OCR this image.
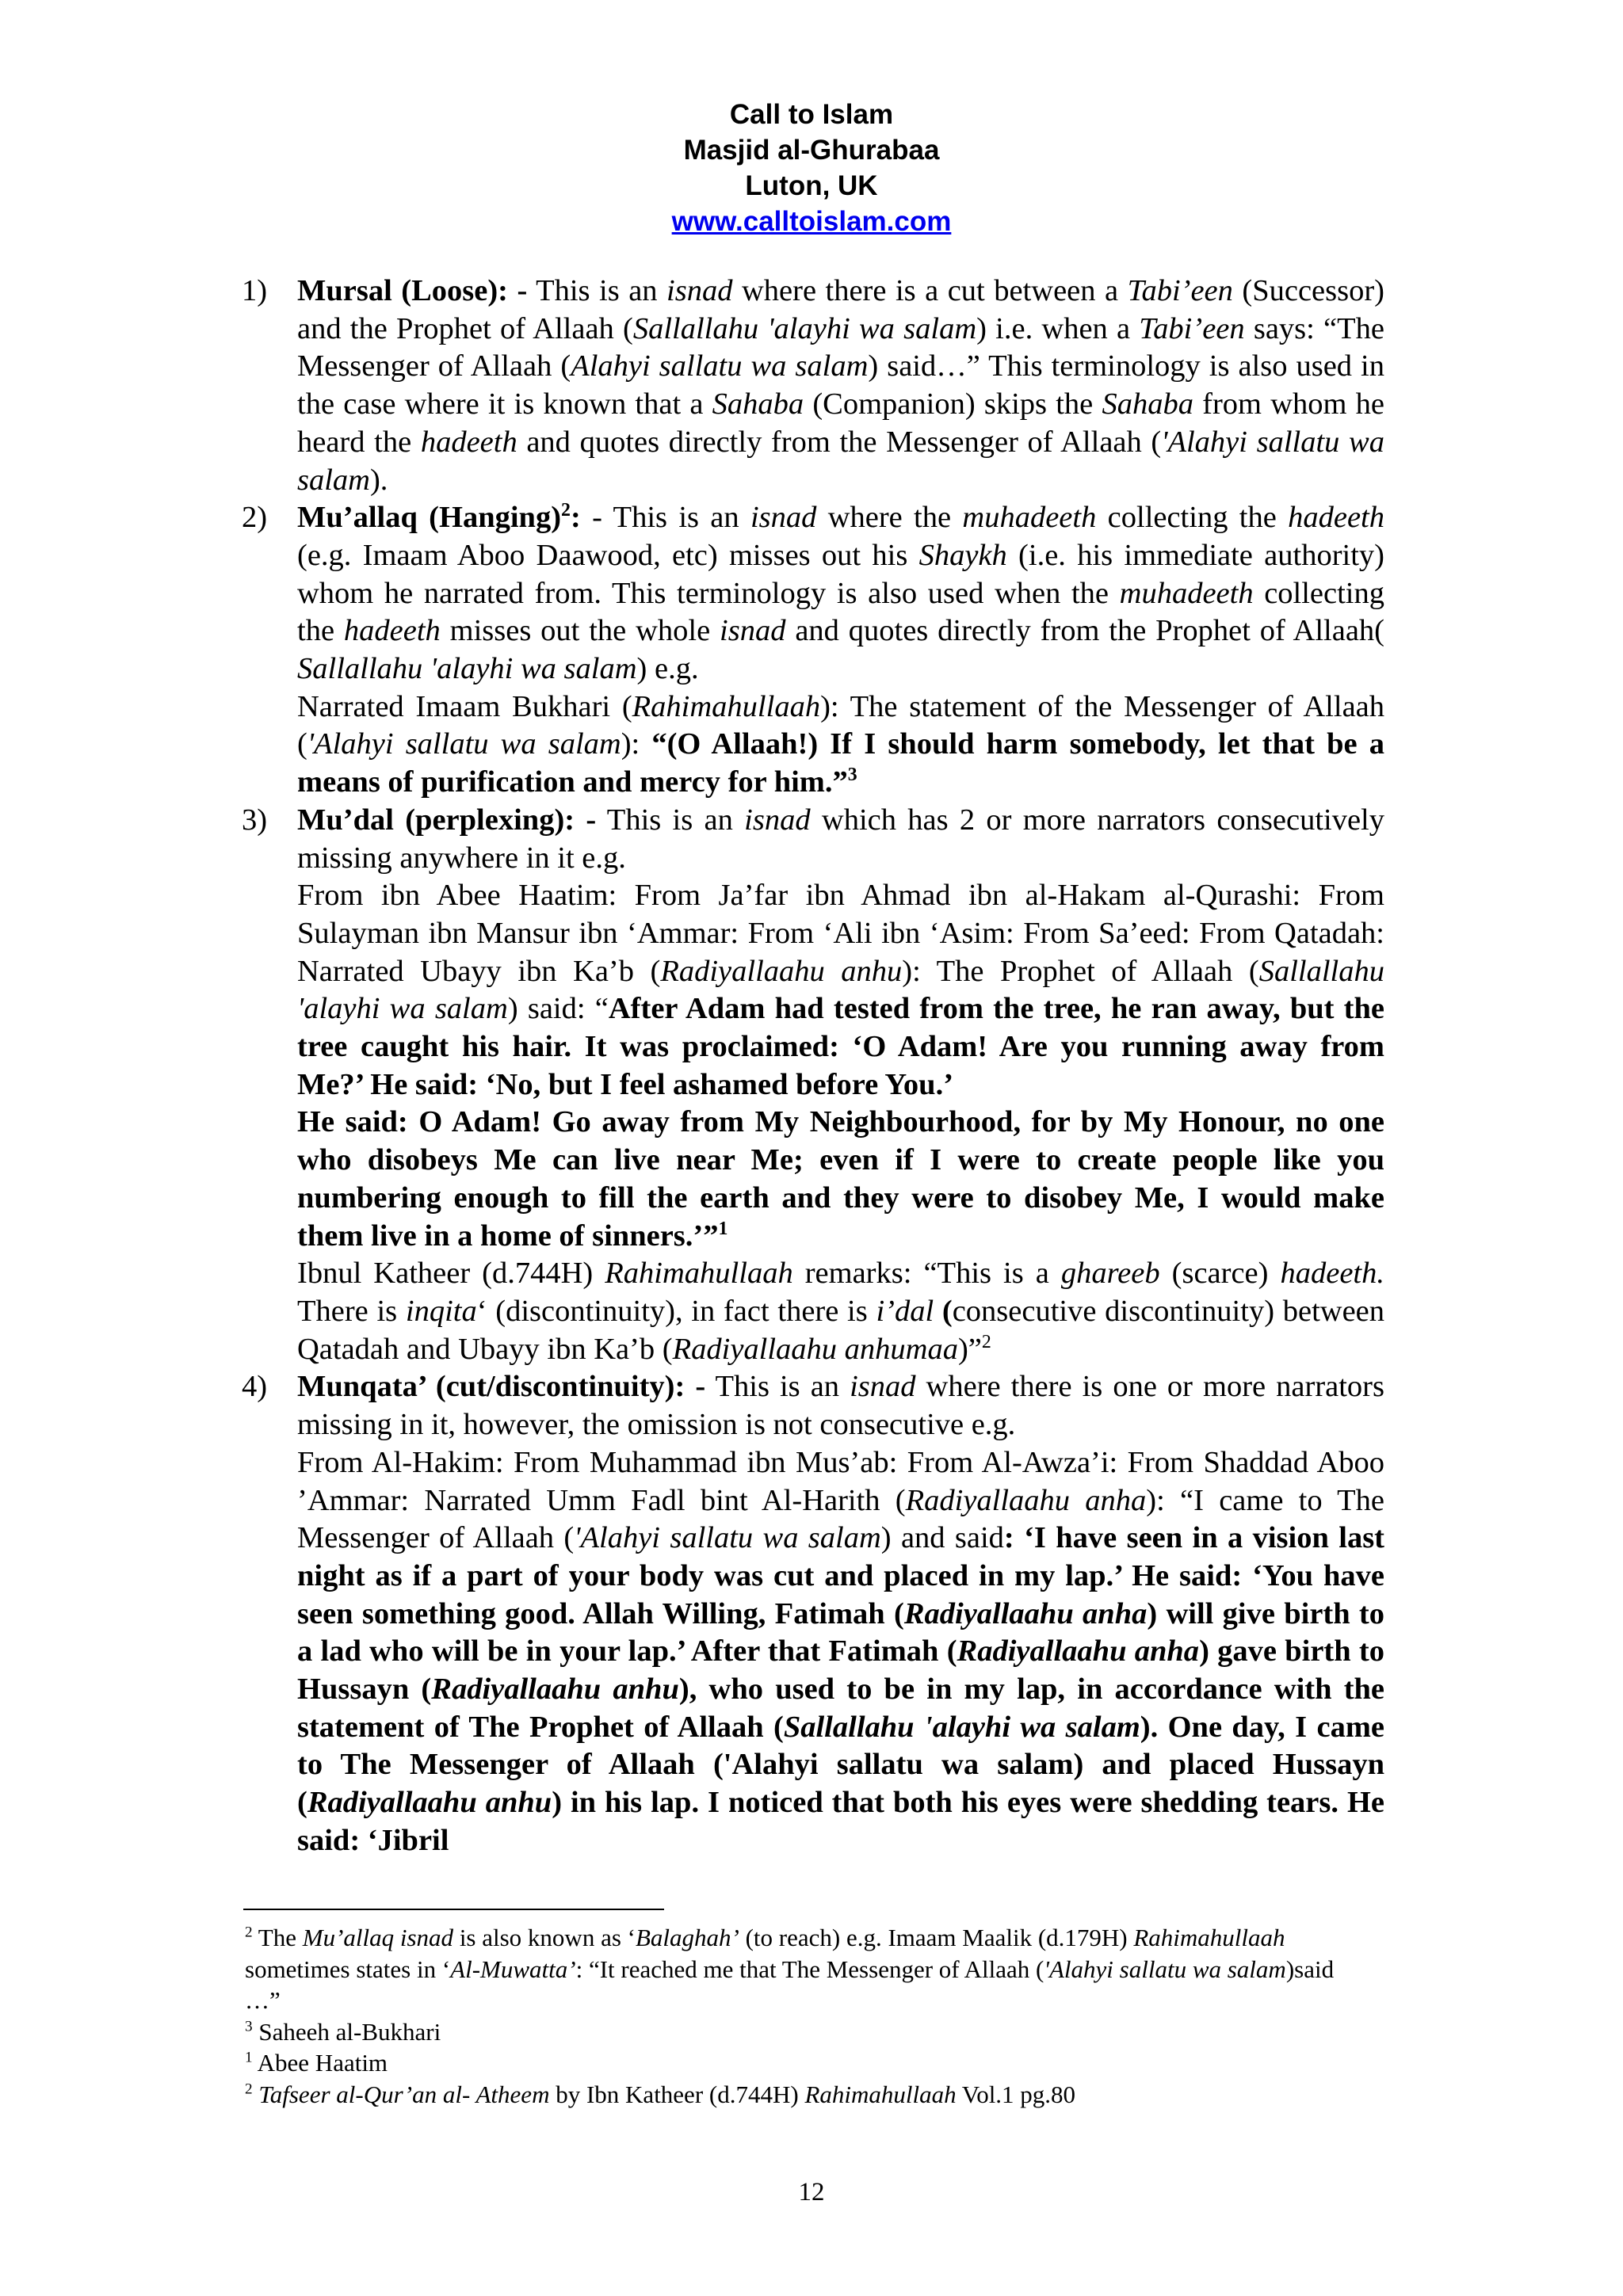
Call to Islam
Masjid al-Ghurabaa
Luton, UK
www.calltoislam.com
1) Mursal (Loose): - This is an isnad where there is a cut between a Tabi’een (Successor) and the Prophet of Allaah (Sallallahu 'alayhi wa salam) i.e. when a Tabi’een says: “The Messenger of Allaah (Alahyi sallatu wa salam) said…” This terminology is also used in the case where it is known that a Sahaba (Companion) skips the Sahaba from whom he heard the hadeeth and quotes directly from the Messenger of Allaah ('Alahyi sallatu wa salam).

2) Mu’allaq (Hanging)$^2$: - This is an isnad where the muhadeeth collecting the hadeeth (e.g. Imaam Aboo Daawood, etc) misses out his Shaykh (i.e. his immediate authority) whom he narrated from. This terminology is also used when the muhadeeth collecting the hadeeth misses out the whole isnad and quotes directly from the Prophet of Allaah( Sallallahu 'alayhi wa salam) e.g.

Narrated Imaam Bukhari (Rahimahullaah): The statement of the Messenger of Allaah ('Alahyi sallatu wa salam): “(O Allaah!) If I should harm somebody, let that be a means of purification and mercy for him.”$^3$

3) Mu’dal (perplexing): - This is an isnad which has 2 or more narrators consecutively missing anywhere in it e.g.

From ibn Abee Haatim: From Ja’far ibn Ahmad ibn al-Hakam al-Qurashi: From Sulayman ibn Mansur ibn ‘Ammar: From ‘Ali ibn ‘Asim: From Sa’eed: From Qatadah: Narrated Ubayy ibn Ka’b (Radiyallaahu anhu): The Prophet of Allaah (Sallallahu 'alayhi wa salam) said: “After Adam had tested from the tree, he ran away, but the tree caught his hair. It was proclaimed: ‘O Adam! Are you running away from Me?’ He said: ‘No, but I feel ashamed before You.’

He said: O Adam! Go away from My Neighbourhood, for by My Honour, no one who disobeys Me can live near Me; even if I were to create people like you numbering enough to fill the earth and they were to disobey Me, I would make them live in a home of sinners.’”$^1$

Ibnul Katheer (d.744H) Rahimahullaah remarks: “This is a ghareeb (scarce) hadeeth. There is inqita‘ (discontinuity), in fact there is i’dal (consecutive discontinuity) between Qatadah and Ubayy ibn Ka’b (Radiyallaahu anhumaa)”$^2$

4) Munqata’ (cut/discontinuity): - This is an isnad where there is one or more narrators missing in it, however, the omission is not consecutive e.g.

From Al-Hakim: From Muhammad ibn Mus’ab: From Al-Awza’i: From Shaddad Aboo ’Ammar: Narrated Umm Fadl bint Al-Harith (Radiyallaahu anha): “I came to The Messenger of Allaah ('Alahyi sallatu wa salam) and said: ‘I have seen in a vision last night as if a part of your body was cut and placed in my lap.’ He said: ‘You have seen something good. Allah Willing, Fatimah (Radiyallaahu anha) will give birth to a lad who will be in your lap.’ After that Fatimah (Radiyallaahu anha) gave birth to Hussayn (Radiyallaahu anhu), who used to be in my lap, in accordance with the statement of The Prophet of Allaah (Sallallahu 'alayhi wa salam). One day, I came to The Messenger of Allaah ('Alahyi sallatu wa salam) and placed Hussayn (Radiyallaahu anhu) in his lap. I noticed that both his eyes were shedding tears. He said: ‘Jibril

$^2$ The Mu’allaq isnad is also known as ‘Balaghah’ (to reach) e.g. Imaam Maalik (d.179H) Rahimahullaah sometimes states in ‘Al-Muwatta’: “It reached me that The Messenger of Allaah ('Alahyi sallatu wa salam)said …”
$^3$ Saheeh al-Bukhari
$^1$ Abee Haatim
$^2$ Tafseer al-Qur’an al- Atheem by Ibn Katheer (d.744H) Rahimahullaah Vol.1 pg.80
12
